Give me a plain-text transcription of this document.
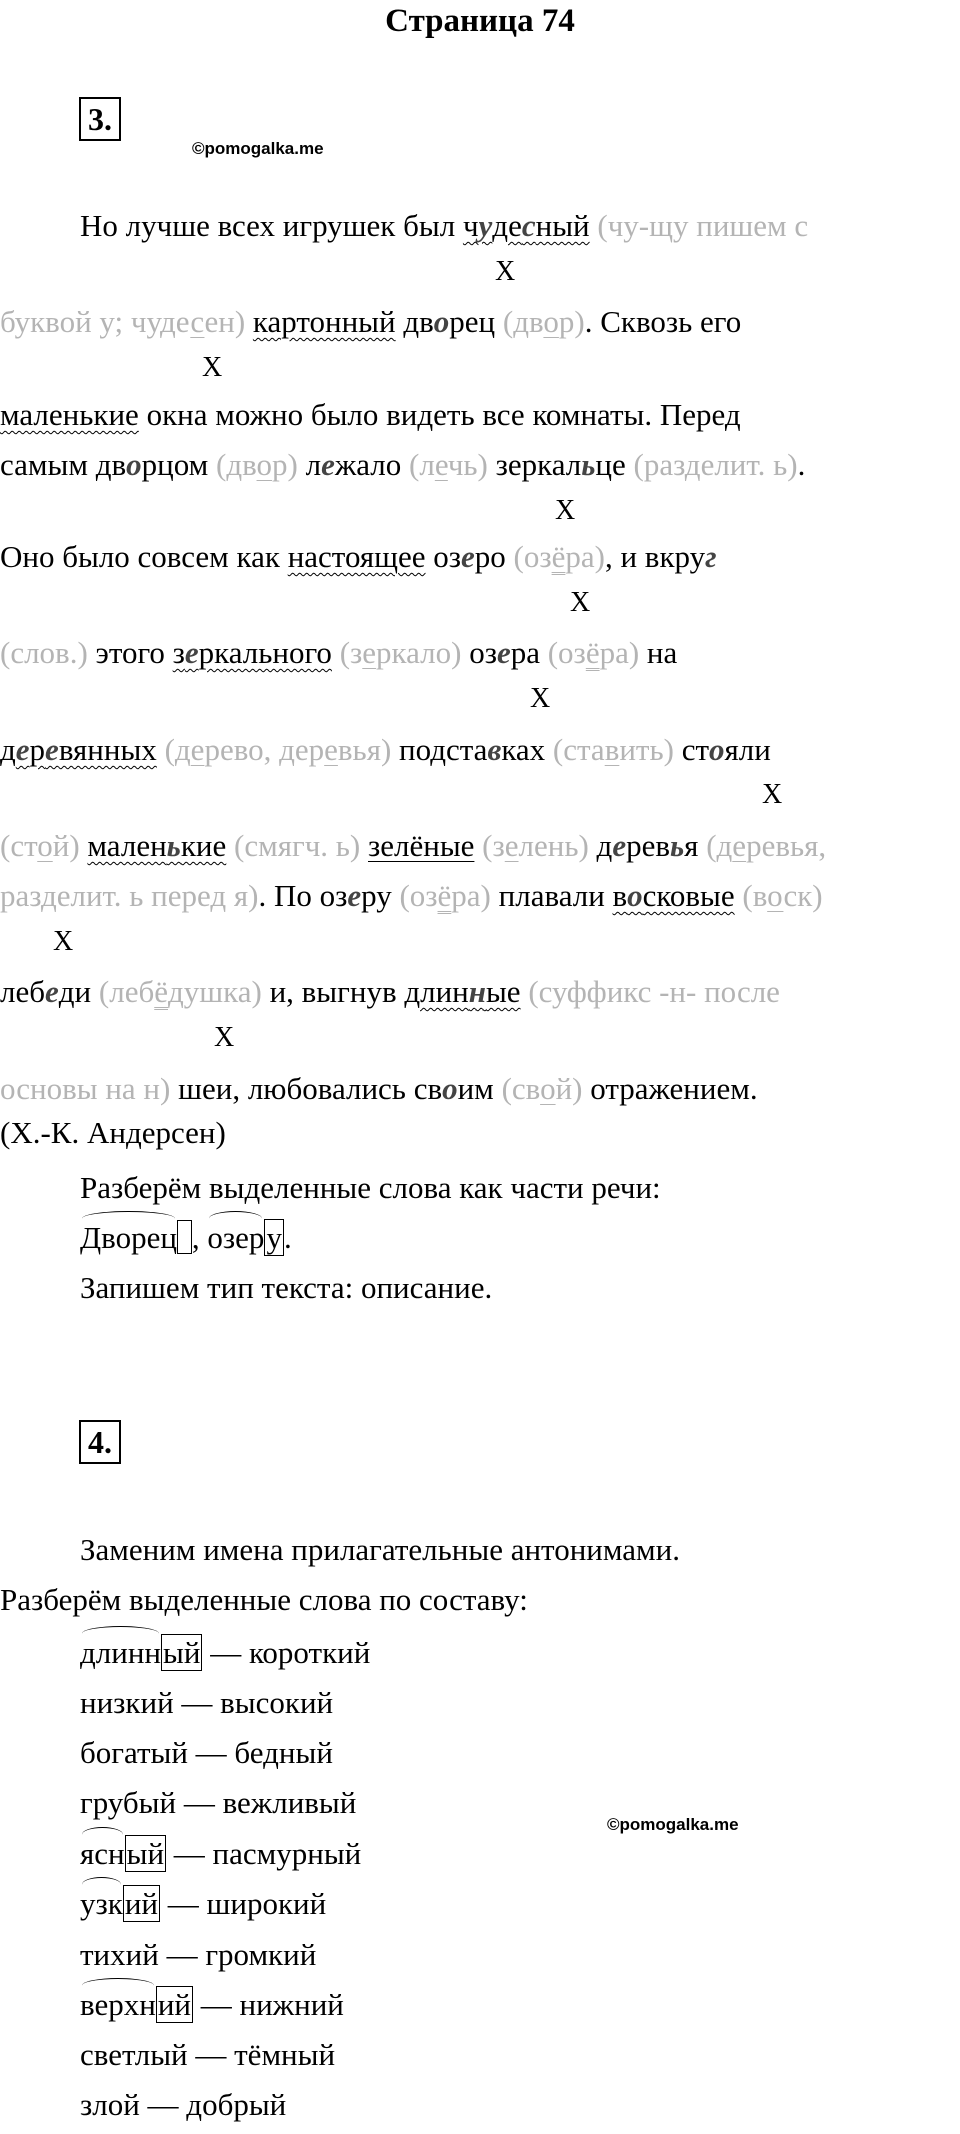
Страница 74
3.
©pomogalka.me
Но лучше всех игрушек был чудесный (чу-щу пишем с
Х
буквой у; чудесен) картонный дворец (двор). Сквозь его
Х
маленькие окна можно было видеть все комнаты. Перед
самым дворцом (двор) лежало (лечь) зеркальце (разделит. ь).
Х
Оно было совсем как настоящее озеро (озёра), и вкруг
Х
(слов.) этого зеркального (зеркало) озера (озёра) на
Х
деревянных (дерево, деревья) подставках (ставить) стояли
Х
(стой) маленькие (смягч. ь) зелёные (зелень) деревья (деревья,
разделит. ь перед я). По озеру (озёра) плавали восковые (воск)
Х
лебеди (лебёдушка) и, выгнув длинные (суффикс -н- после
Х
основы на н) шеи, любовались своим (свой) отражением.
(Х.-К. Андерсен)
Разберём выделенные слова как части речи:
Дворец , озеру.
Запишем тип текста: описание.
4.
Заменим имена прилагательные антонимами.
Разберём выделенные слова по составу:
длинный — короткий
низкий — высокий
богатый — бедный
грубый — вежливый
©pomogalka.me
ясный — пасмурный
узкий — широкий
тихий — громкий
верхний — нижний
светлый — тёмный
злой — добрый
